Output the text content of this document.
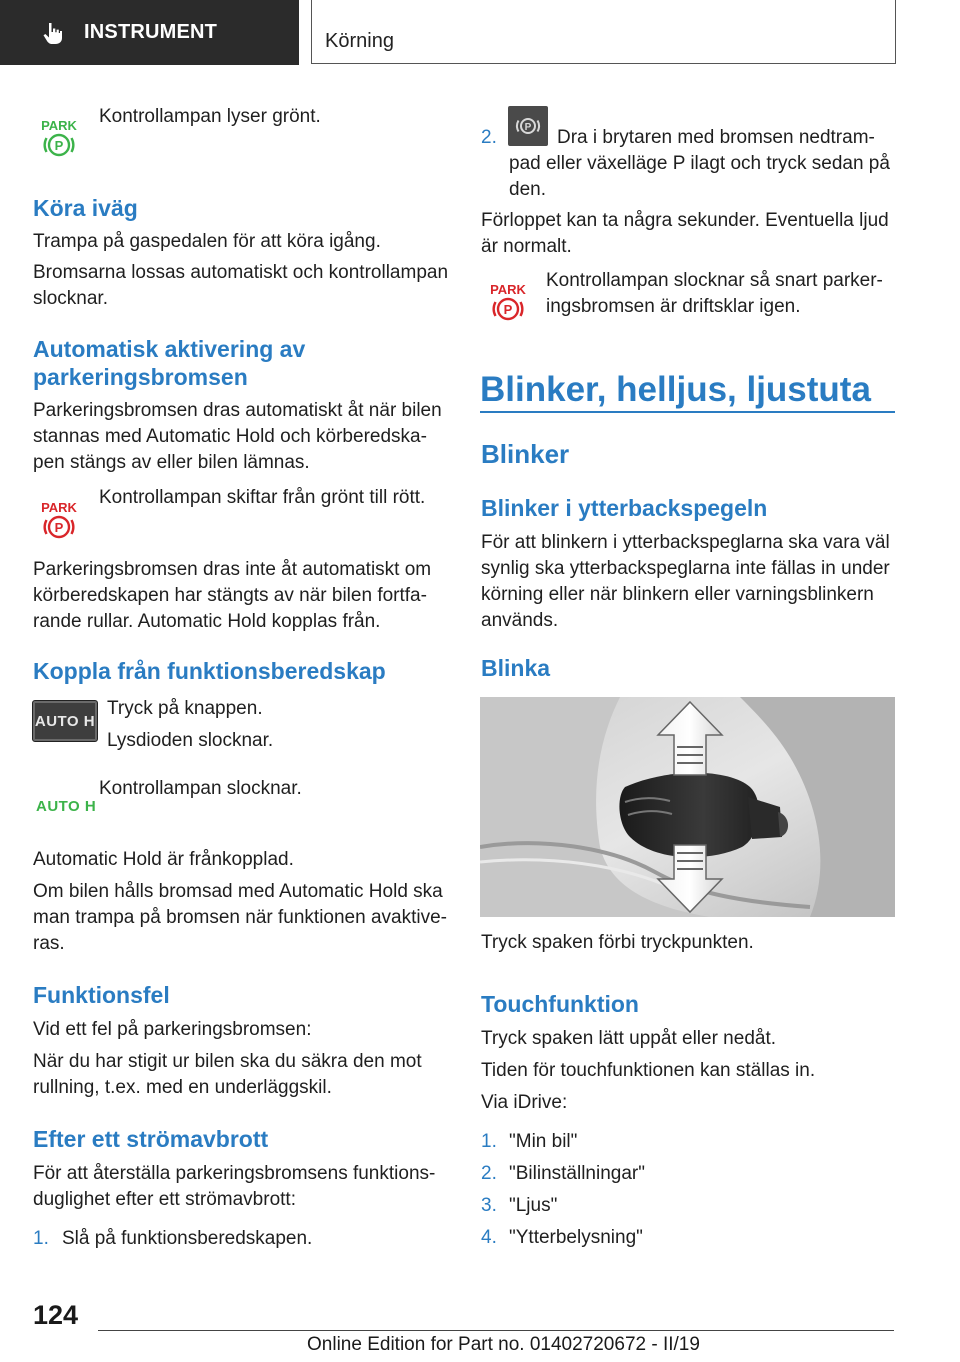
INSTRUMENT	Körning
PARK
P

Kontrollampan lyser grönt.

Köra iväg

Trampa på gaspedalen för att köra igång.

Bromsarna lossas automatiskt och kontrollampan

slocknar.

Automatisk aktivering av
parkeringsbromsen

Parkeringsbromsen dras automatiskt åt när bilen

stannas med Automatic Hold och körberedska-

pen stängs av eller bilen lämnas.

PARK
P

Kontrollampan skiftar från grönt till rött.

Parkeringsbromsen dras inte åt automatiskt om

körberedskapen har stängts av när bilen fortfa-

rande rullar. Automatic Hold kopplas från.

Koppla från funktionsberedskap
AUTO H

Tryck på knappen.

Lysdioden slocknar.

AUTO H

Kontrollampan slocknar.

Automatic Hold är frånkopplad.

Om bilen hålls bromsad med Automatic Hold ska

man trampa på bromsen när funktionen avaktive-

ras.

Funktionsfel

Vid ett fel på parkeringsbromsen:

När du har stigit ur bilen ska du säkra den mot

rullning, t.ex. med en underläggskil.

Efter ett strömavbrott

För att återställa parkeringsbromsens funktions-

duglighet efter ett strömavbrott:

1. Slå på funktionsberedskapen.

2.	P Dra i brytaren med bromsen nedtram-

pad eller växelläge P ilagt och tryck sedan på

den.

Förloppet kan ta några sekunder. Eventuella ljud

är normalt.

PARK
P

Kontrollampan slocknar så snart parker-

ingsbromsen är driftsklar igen.

Blinker, helljus, ljustuta
Blinker
Blinker i ytterbackspegeln

För att blinkern i ytterbackspeglarna ska vara väl

synlig ska ytterbackspeglarna inte fällas in under

körning eller när blinkern eller varningsblinkern

används.

Blinka

Tryck spaken förbi tryckpunkten.

Touchfunktion

Tryck spaken lätt uppåt eller nedåt.

Tiden för touchfunktionen kan ställas in.

Via iDrive:

1. "Min bil"

2. "Bilinställningar"

3. "Ljus"

4. "Ytterbelysning"

124
Online Edition for Part no. 01402720672 - II/19
